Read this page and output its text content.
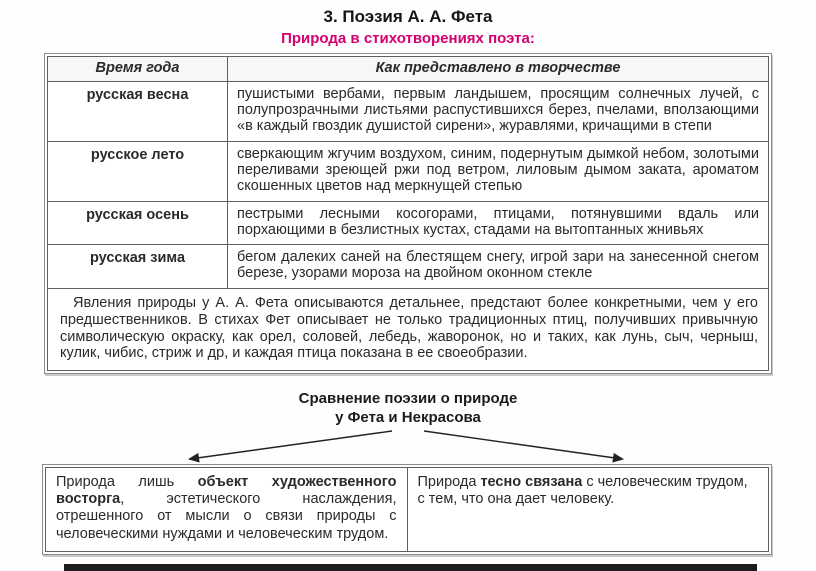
3. Поэзия А. А. Фета
Природа в стихотворениях поэта:
Время года	Как представлено в творчестве
русская весна	пушистыми вербами, первым ландышем, просящим солнечных лучей, с полупрозрачными листьями распустившихся берез, пчелами, вползающими «в каждый гвоздик душистой сирени», журавлями, кричащими в степи
русское лето	сверкающим жгучим воздухом, синим, подернутым дымкой небом, золотыми переливами зреющей ржи под ветром, лиловым дымом заката, ароматом скошенных цветов над меркнущей степью
русская осень	пестрыми лесными косогорами, птицами, потянувшими вдаль или порхающими в безлистных кустах, стадами на вытоптанных жнивьях
русская зима	бегом далеких саней на блестящем снегу, игрой зари на занесенной снегом березе, узорами мороза на двойном оконном стекле
Явления природы у А. А. Фета описываются детальнее, предстают более конкретными, чем у его предшественников. В стихах Фет описывает не только традиционных птиц, получивших привычную символическую окраску, как орел, соловей, лебедь, жаворонок, но и таких, как лунь, сыч, черныш, кулик, чибис, стриж и др, и каждая птица показана в ее своеобразии.	
Сравнение поэзии о природе
у Фета и Некрасова
Природа лишь объект художественного восторга, эстетического наслаждения, отрешенного от мысли о связи природы с человеческими нуждами и человеческим трудом.	Природа тесно связана с человеческим трудом, с тем, что она дает человеку.
